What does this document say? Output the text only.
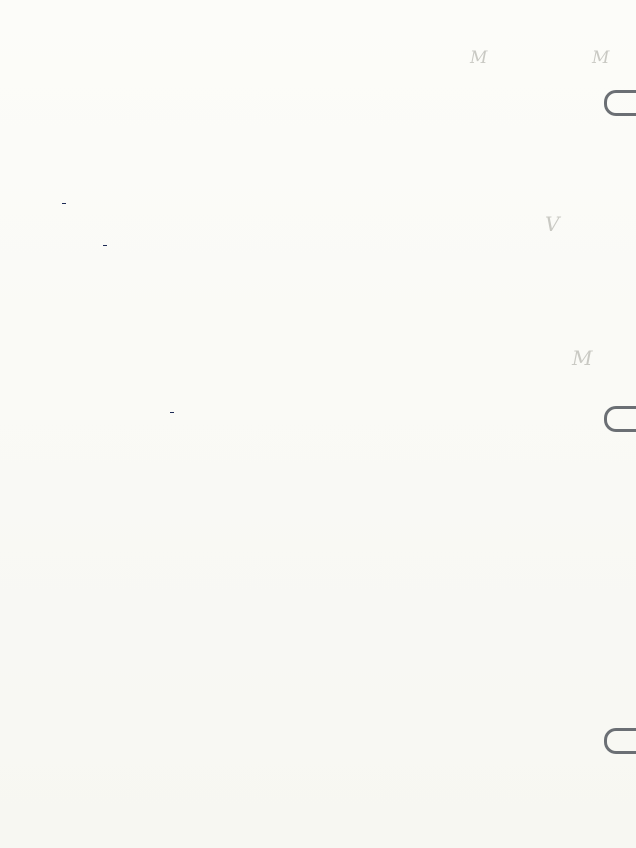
M	M
V
M
